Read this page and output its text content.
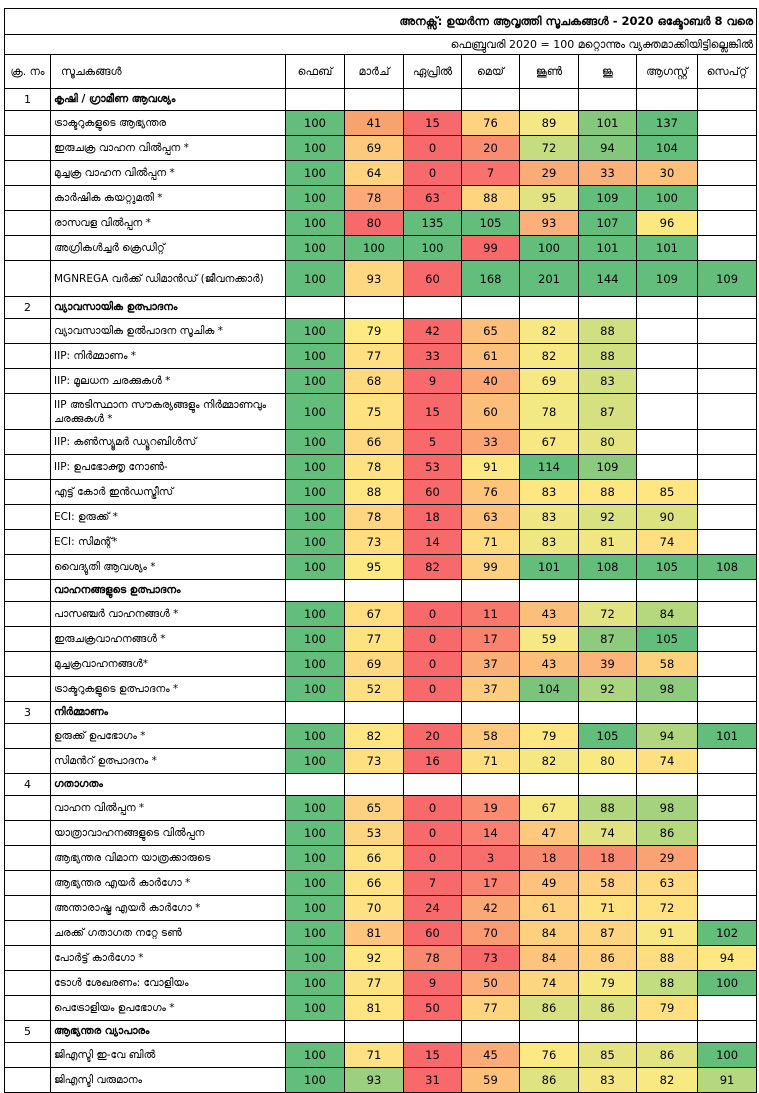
അനക്സ്: ഉയർന്ന ആവൃത്തി സൂചകങ്ങൾ - 2020 ഒക്ടോബർ 8 വരെ									
ഫെബ്രുവരി 2020 = 100 മറ്റൊന്നും വ്യക്തമാക്കിയിട്ടില്ലെങ്കിൽ									
ക്ര. നം	സൂചകങ്ങൾ	ഫെബ്	മാർച്	ഏപ്രിൽ	മെയ്	ജൂൺ	ജൂ	ആഗസ്റ്റ്	സെപ്റ്റ്
1	കൃഷി / ഗ്രാമീണ ആവശ്യം								
	ട്രാക്ടറുകളുടെ ആഭ്യന്തര	100	41	15	76	89	101	137	
	ഇരുചക്ര വാഹന വിൽപ്പന *	100	69	0	20	72	94	104	
	മുച്ചക്ര വാഹന വിൽപ്പന *	100	64	0	7	29	33	30	
	കാർഷിക കയറ്റുമതി *	100	78	63	88	95	109	100	
	രാസവള വിൽപ്പന *	100	80	135	105	93	107	96	
	അഗ്രികൾച്ചർ ക്രെഡിറ്റ്	100	100	100	99	100	101	101	
	MGNREGA വർക്ക് ഡിമാൻഡ് (ജീവനക്കാർ)	100	93	60	168	201	144	109	109
2	വ്യാവസായിക ഉത്പാദനം								
	വ്യാവസായിക ഉൽപാദന സൂചിക *	100	79	42	65	82	88		
	IIP: നിർമ്മാണം *	100	77	33	61	82	88		
	IIP: മൂലധന ചരക്കുകൾ *	100	68	9	40	69	83		
	IIP അടിസ്ഥാന സൗകര്യങ്ങളും നിർമ്മാണവും ചരക്കുകൾ *	100	75	15	60	78	87		
	IIP: കൺസ്യൂമർ ഡ്യൂറബിൾസ്	100	66	5	33	67	80		
	IIP: ഉപഭോക്തൃ നോൺ-	100	78	53	91	114	109		
	എട്ട് കോർ ഇൻഡസ്ട്രീസ്	100	88	60	76	83	88	85	
	ECI: ഉരുക്ക് *	100	78	18	63	83	92	90	
	ECI: സിമന്റ്*	100	73	14	71	83	81	74	
	വൈദ്യുതി ആവശ്യം *	100	95	82	99	101	108	105	108
	വാഹനങ്ങളുടെ ഉത്പാദനം								
	പാസഞ്ചർ വാഹനങ്ങൾ *	100	67	0	11	43	72	84	
	ഇരുചക്രവാഹനങ്ങൾ *	100	77	0	17	59	87	105	
	മുച്ചക്രവാഹനങ്ങൾ*	100	69	0	37	43	39	58	
	ട്രാക്ടറുകളുടെ ഉത്പാദനം *	100	52	0	37	104	92	98	
3	നിർമ്മാണം								
	ഉരുക്ക് ഉപഭോഗം *	100	82	20	58	79	105	94	101
	സിമൻറ് ഉത്പാദനം *	100	73	16	71	82	80	74	
4	ഗതാഗതം								
	വാഹന വിൽപ്പന *	100	65	0	19	67	88	98	
	യാത്രാവാഹനങ്ങളുടെ വിൽപ്പന	100	53	0	14	47	74	86	
	ആഭ്യന്തര വിമാന യാത്രക്കാരുടെ	100	66	0	3	18	18	29	
	ആഭ്യന്തര എയർ കാർഗോ *	100	66	7	17	49	58	63	
	അന്താരാഷ്ട്ര എയർ കാർഗോ *	100	70	24	42	61	71	72	
	ചരക്ക് ഗതാഗത നറ്റേ ടൺ	100	81	60	70	84	87	91	102
	പോർട്ട് കാർഗോ *	100	92	78	73	84	86	88	94
	ടോൾ ശേഖരണം: വോളിയം	100	77	9	50	74	79	88	100
	പെട്രോളിയം ഉപഭോഗം *	100	81	50	77	86	86	79	
5	ആഭ്യന്തര വ്യാപാരം								
	ജിഎസ്ടി ഇ-വേ ബിൽ	100	71	15	45	76	85	86	100
	ജിഎസ്ടി വരുമാനം	100	93	31	59	86	83	82	91
